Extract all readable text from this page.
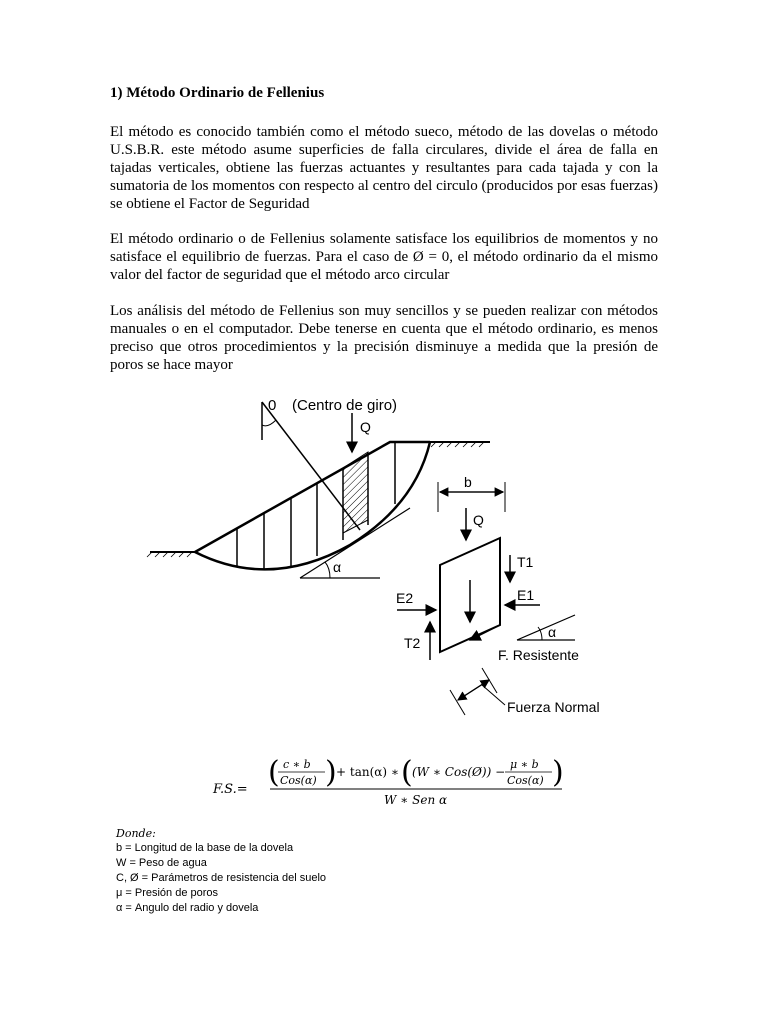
1) Método Ordinario de Fellenius

El método es conocido también como el método sueco, método de las dovelas o método U.S.B.R. este método asume superficies de falla circulares, divide el área de falla en tajadas verticales, obtiene las fuerzas actuantes y resultantes para cada tajada y con la sumatoria de los momentos con respecto al centro del circulo (producidos por esas fuerzas) se obtiene el Factor de Seguridad

El método ordinario o de Fellenius solamente satisface los equilibrios de momentos y no satisface el equilibrio de fuerzas. Para el caso de Ø = 0, el método ordinario da el mismo valor del factor de seguridad que el método arco circular

Los análisis del método de Fellenius son muy sencillos y se pueden realizar con métodos manuales o en el computador. Debe tenerse en cuenta que el método ordinario, es menos preciso que otros procedimientos y la precisión disminuye a medida que la presión de poros se hace mayor

0 (Centro de giro)
Q
α
b
Q
T1
E1
E2
T2
α
F. Resistente
Fuerza Normal
F.S.= ( c ∗ b
Cos(α) ) + tan(α) ∗ ( (W ∗ Cos(Ø)) −
μ ∗ b
Cos(α) )
W ∗ Sen α
Donde:
b = Longitud de la base de la dovela
W = Peso de agua
C, Ø = Parámetros de resistencia del suelo
μ = Presión de poros
α = Angulo del radio y dovela
